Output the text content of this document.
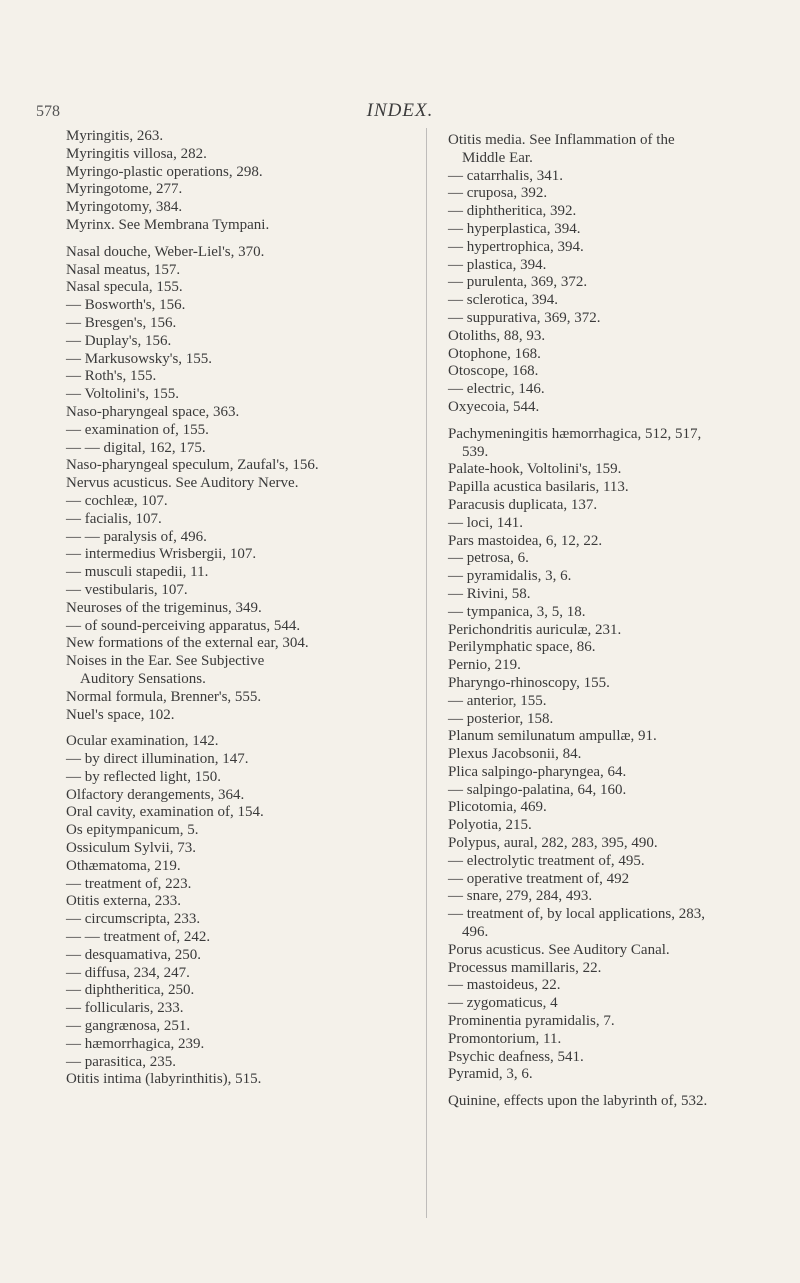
578	INDEX.
Myringitis, 263.
Myringitis villosa, 282.
Myringo-plastic operations, 298.
Myringotome, 277.
Myringotomy, 384.
Myrinx. See Membrana Tympani.
Nasal douche, Weber-Liel's, 370.
Nasal meatus, 157.
Nasal specula, 155.
— Bosworth's, 156.
— Bresgen's, 156.
— Duplay's, 156.
— Markusowsky's, 155.
— Roth's, 155.
— Voltolini's, 155.
Naso-pharyngeal space, 363.
— examination of, 155.
— — digital, 162, 175.
Naso-pharyngeal speculum, Zaufal's, 156.
Nervus acusticus. See Auditory Nerve.
— cochleæ, 107.
— facialis, 107.
— — paralysis of, 496.
— intermedius Wrisbergii, 107.
— musculi stapedii, 11.
— vestibularis, 107.
Neuroses of the trigeminus, 349.
— of sound-perceiving apparatus, 544.
New formations of the external ear, 304.
Noises in the Ear. See Subjective
Auditory Sensations.
Normal formula, Brenner's, 555.
Nuel's space, 102.
Ocular examination, 142.
— by direct illumination, 147.
— by reflected light, 150.
Olfactory derangements, 364.
Oral cavity, examination of, 154.
Os epitympanicum, 5.
Ossiculum Sylvii, 73.
Othæmatoma, 219.
— treatment of, 223.
Otitis externa, 233.
— circumscripta, 233.
— — treatment of, 242.
— desquamativa, 250.
— diffusa, 234, 247.
— diphtheritica, 250.
— follicularis, 233.
— gangrænosa, 251.
— hæmorrhagica, 239.
— parasitica, 235.
Otitis intima (labyrinthitis), 515.
Otitis media. See Inflammation of the
Middle Ear.
— catarrhalis, 341.
— cruposa, 392.
— diphtheritica, 392.
— hyperplastica, 394.
— hypertrophica, 394.
— plastica, 394.
— purulenta, 369, 372.
— sclerotica, 394.
— suppurativa, 369, 372.
Otoliths, 88, 93.
Otophone, 168.
Otoscope, 168.
— electric, 146.
Oxyecoia, 544.
Pachymeningitis hæmorrhagica, 512, 517,
539.
Palate-hook, Voltolini's, 159.
Papilla acustica basilaris, 113.
Paracusis duplicata, 137.
— loci, 141.
Pars mastoidea, 6, 12, 22.
— petrosa, 6.
— pyramidalis, 3, 6.
— Rivini, 58.
— tympanica, 3, 5, 18.
Perichondritis auriculæ, 231.
Perilymphatic space, 86.
Pernio, 219.
Pharyngo-rhinoscopy, 155.
— anterior, 155.
— posterior, 158.
Planum semilunatum ampullæ, 91.
Plexus Jacobsonii, 84.
Plica salpingo-pharyngea, 64.
— salpingo-palatina, 64, 160.
Plicotomia, 469.
Polyotia, 215.
Polypus, aural, 282, 283, 395, 490.
— electrolytic treatment of, 495.
— operative treatment of, 492
— snare, 279, 284, 493.
— treatment of, by local applications, 283,
496.
Porus acusticus. See Auditory Canal.
Processus mamillaris, 22.
— mastoideus, 22.
— zygomaticus, 4
Prominentia pyramidalis, 7.
Promontorium, 11.
Psychic deafness, 541.
Pyramid, 3, 6.
Quinine, effects upon the labyrinth of, 532.
